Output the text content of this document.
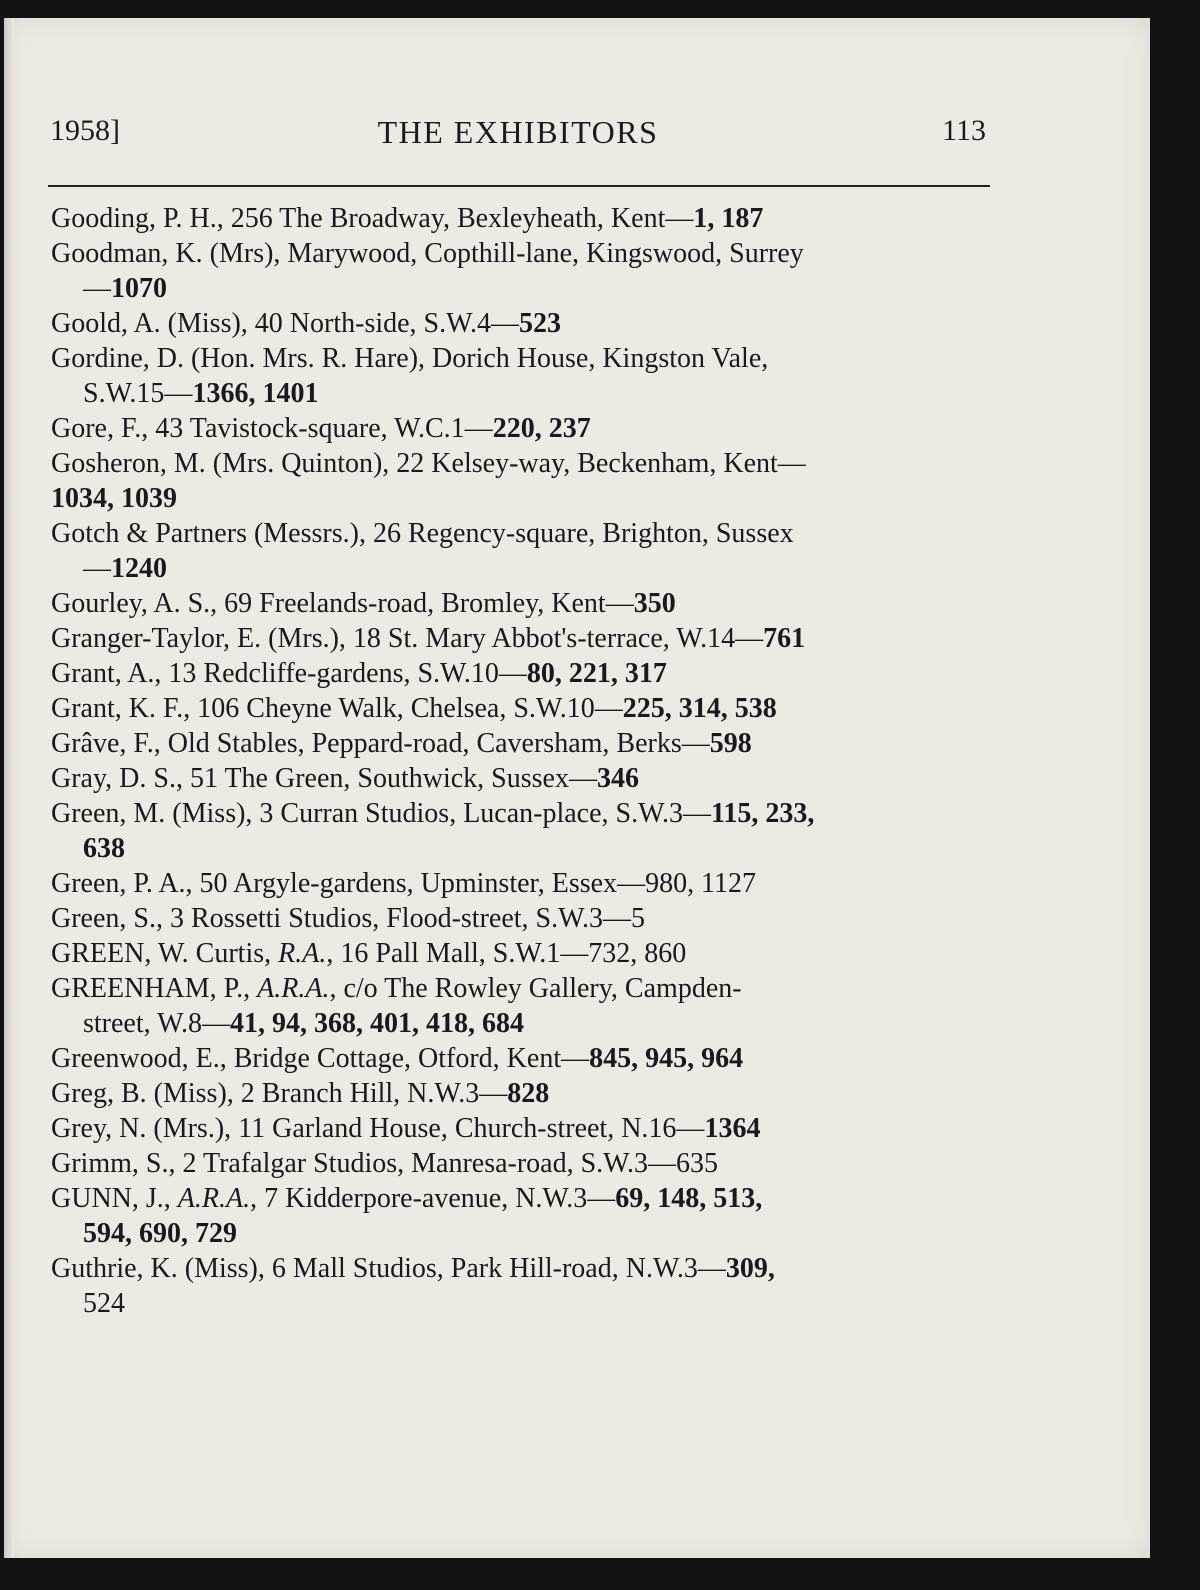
1958]	THE EXHIBITORS	113
Gooding, P. H., 256 The Broadway, Bexleyheath, Kent—1, 187
Goodman, K. (Mrs), Marywood, Copthill-lane, Kingswood, Surrey
—1070
Goold, A. (Miss), 40 North-side, S.W.4—523
Gordine, D. (Hon. Mrs. R. Hare), Dorich House, Kingston Vale,
S.W.15—1366, 1401
Gore, F., 43 Tavistock-square, W.C.1—220, 237
Gosheron, M. (Mrs. Quinton), 22 Kelsey-way, Beckenham, Kent—
1034, 1039
Gotch & Partners (Messrs.), 26 Regency-square, Brighton, Sussex
—1240
Gourley, A. S., 69 Freelands-road, Bromley, Kent—350
Granger-Taylor, E. (Mrs.), 18 St. Mary Abbot's-terrace, W.14—761
Grant, A., 13 Redcliffe-gardens, S.W.10—80, 221, 317
Grant, K. F., 106 Cheyne Walk, Chelsea, S.W.10—225, 314, 538
Grâve, F., Old Stables, Peppard-road, Caversham, Berks—598
Gray, D. S., 51 The Green, Southwick, Sussex—346
Green, M. (Miss), 3 Curran Studios, Lucan-place, S.W.3—115, 233,
638
Green, P. A., 50 Argyle-gardens, Upminster, Essex—980, 1127
Green, S., 3 Rossetti Studios, Flood-street, S.W.3—5
GREEN, W. Curtis, R.A., 16 Pall Mall, S.W.1—732, 860
GREENHAM, P., A.R.A., c/o The Rowley Gallery, Campden-
street, W.8—41, 94, 368, 401, 418, 684
Greenwood, E., Bridge Cottage, Otford, Kent—845, 945, 964
Greg, B. (Miss), 2 Branch Hill, N.W.3—828
Grey, N. (Mrs.), 11 Garland House, Church-street, N.16—1364
Grimm, S., 2 Trafalgar Studios, Manresa-road, S.W.3—635
GUNN, J., A.R.A., 7 Kidderpore-avenue, N.W.3—69, 148, 513,
594, 690, 729
Guthrie, K. (Miss), 6 Mall Studios, Park Hill-road, N.W.3—309,
524
